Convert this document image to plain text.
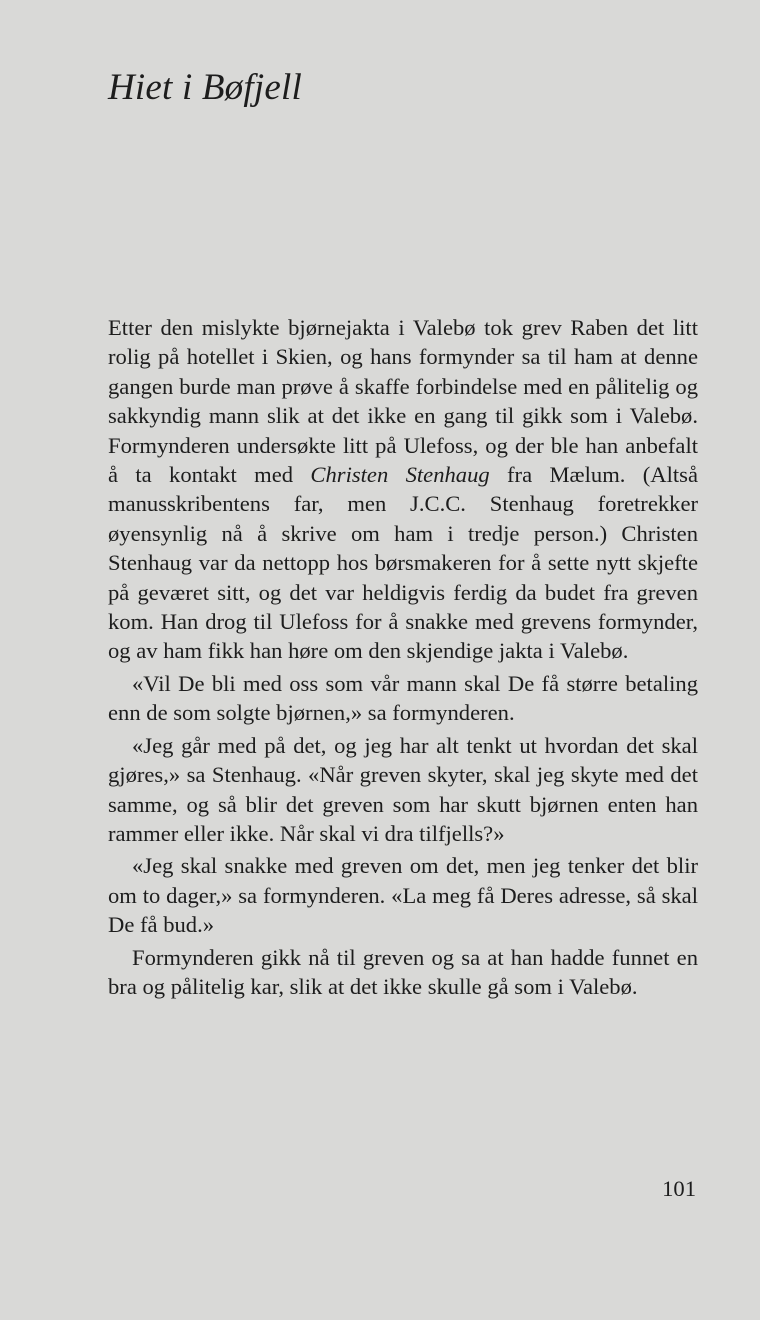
Hiet i Bøfjell

Etter den mislykte bjørnejakta i Valebø tok grev Raben det litt rolig på hotellet i Skien, og hans formynder sa til ham at denne gangen burde man prøve å skaffe forbindelse med en pålitelig og sakkyndig mann slik at det ikke en gang til gikk som i Valebø. Formynderen undersøkte litt på Ulefoss, og der ble han anbefalt å ta kontakt med Christen Stenhaug fra Mælum. (Altså manusskribentens far, men J.C.C. Stenhaug foretrekker øyensynlig nå å skrive om ham i tredje person.) Christen Stenhaug var da nettopp hos børsmakeren for å sette nytt skjefte på geværet sitt, og det var heldigvis ferdig da budet fra greven kom. Han drog til Ulefoss for å snakke med grevens formynder, og av ham fikk han høre om den skjendige jakta i Valebø.

«Vil De bli med oss som vår mann skal De få større betaling enn de som solgte bjørnen,» sa formynderen.

«Jeg går med på det, og jeg har alt tenkt ut hvordan det skal gjøres,» sa Stenhaug. «Når greven skyter, skal jeg skyte med det samme, og så blir det greven som har skutt bjørnen enten han rammer eller ikke. Når skal vi dra tilfjells?»

«Jeg skal snakke med greven om det, men jeg tenker det blir om to dager,» sa formynderen. «La meg få Deres adresse, så skal De få bud.»

Formynderen gikk nå til greven og sa at han hadde funnet en bra og pålitelig kar, slik at det ikke skulle gå som i Valebø.

101
